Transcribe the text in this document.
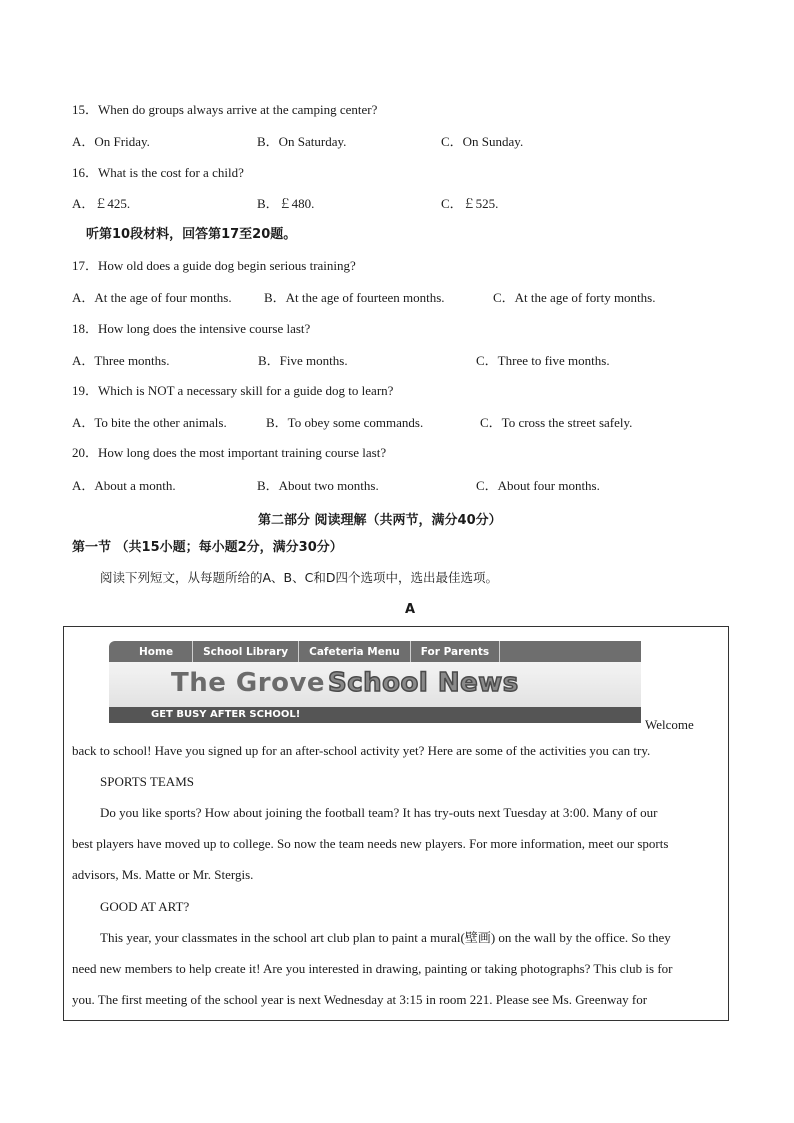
15．When do groups always arrive at the camping center?
A．On Friday.	B．On Saturday.	C．On Sunday.
16．What is the cost for a child?
A．￡425.	B．￡480.	C．￡525.
听第10段材料，回答第17至20题。
17．How old does a guide dog begin serious training?
A．At the age of four months. B．At the age of fourteen months.	C．At the age of forty months.
18．How long does the intensive course last?
A．Three months.	B．Five months.	C．Three to five months.
19．Which is NOT a necessary skill for a guide dog to learn?
A．To bite the other animals.	B．To obey some commands.	C．To cross the street safely.
20．How long does the most important training course last?
A．About a month.	B．About two months.	C．About four months.
第二部分 阅读理解（共两节，满分40分）
第一节 （共15小题；每小题2分，满分30分）
阅读下列短文，从每题所给的A、B、C和D四个选项中，选出最佳选项。
A
Home	School Library	Cafeteria Menu	For Parents
The Grove School News
GET BUSY AFTER SCHOOL!
Welcome
back to school! Have you signed up for an after-school activity yet? Here are some of the activities you can try.
SPORTS TEAMS
Do you like sports? How about joining the football team? It has try-outs next Tuesday at 3:00. Many of our
best players have moved up to college. So now the team needs new players. For more information, meet our sports
advisors, Ms. Matte or Mr. Stergis.
GOOD AT ART?
This year, your classmates in the school art club plan to paint a mural(壁画) on the wall by the office. So they
need new members to help create it! Are you interested in drawing, painting or taking photographs? This club is for
you. The first meeting of the school year is next Wednesday at 3:15 in room 221. Please see Ms. Greenway for
